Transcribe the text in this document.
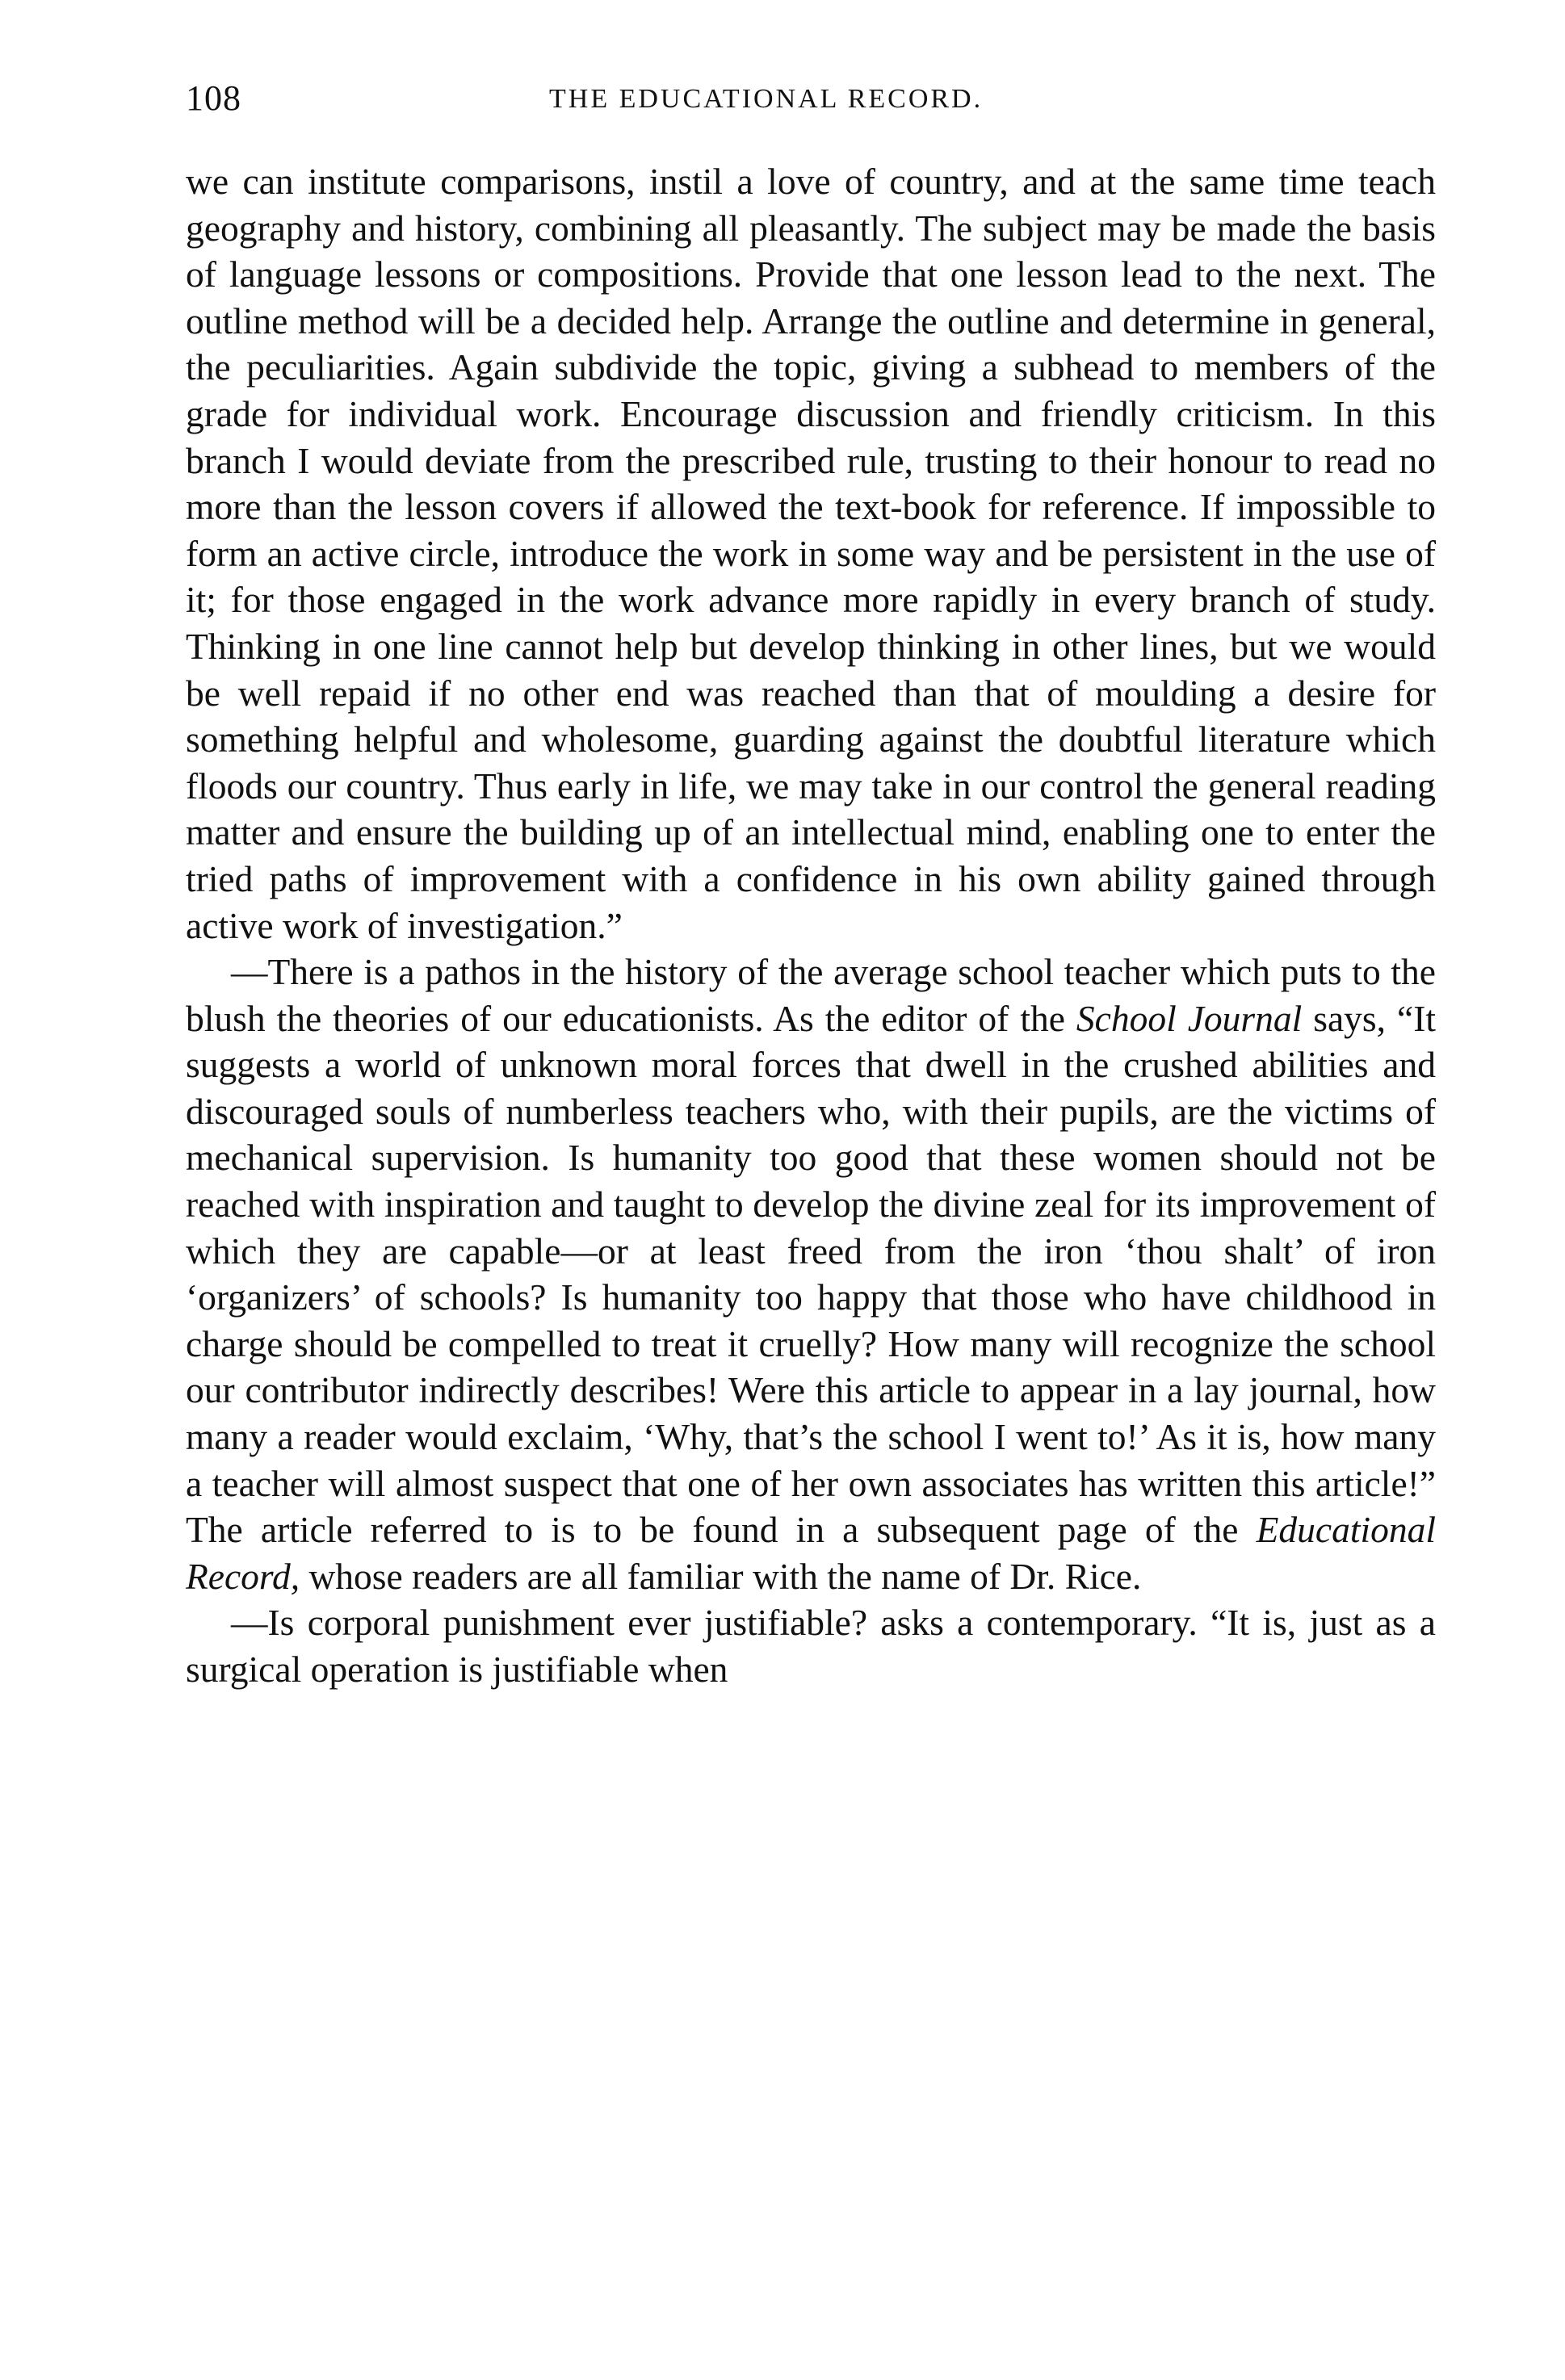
108	THE EDUCATIONAL RECORD.

we can institute comparisons, instil a love of country, and at the same time teach geography and history, combining all pleasantly. The subject may be made the basis of language lessons or compositions. Provide that one lesson lead to the next. The outline method will be a decided help. Arrange the outline and determine in general, the peculiarities. Again subdivide the topic, giving a subhead to members of the grade for individual work. Encourage discussion and friendly criticism. In this branch I would deviate from the prescribed rule, trusting to their honour to read no more than the lesson covers if allowed the text-book for reference. If impossible to form an active circle, introduce the work in some way and be persistent in the use of it; for those engaged in the work advance more rapidly in every branch of study. Thinking in one line cannot help but develop thinking in other lines, but we would be well repaid if no other end was reached than that of moulding a desire for something helpful and wholesome, guarding against the doubtful literature which floods our country. Thus early in life, we may take in our control the general reading matter and ensure the building up of an intellectual mind, enabling one to enter the tried paths of improvement with a confidence in his own ability gained through active work of investigation.”

—There is a pathos in the history of the average school teacher which puts to the blush the theories of our educationists. As the editor of the School Journal says, “It suggests a world of unknown moral forces that dwell in the crushed abilities and discouraged souls of numberless teachers who, with their pupils, are the victims of mechanical supervision. Is humanity too good that these women should not be reached with inspiration and taught to develop the divine zeal for its improvement of which they are capable—or at least freed from the iron ‘thou shalt’ of iron ‘organizers’ of schools? Is humanity too happy that those who have childhood in charge should be compelled to treat it cruelly? How many will recognize the school our contributor indirectly describes! Were this article to appear in a lay journal, how many a reader would exclaim, ‘Why, that’s the school I went to!’ As it is, how many a teacher will almost suspect that one of her own associates has written this article!” The article referred to is to be found in a subsequent page of the Educational Record, whose readers are all familiar with the name of Dr. Rice.

—Is corporal punishment ever justifiable? asks a contemporary. “It is, just as a surgical operation is justifiable when
